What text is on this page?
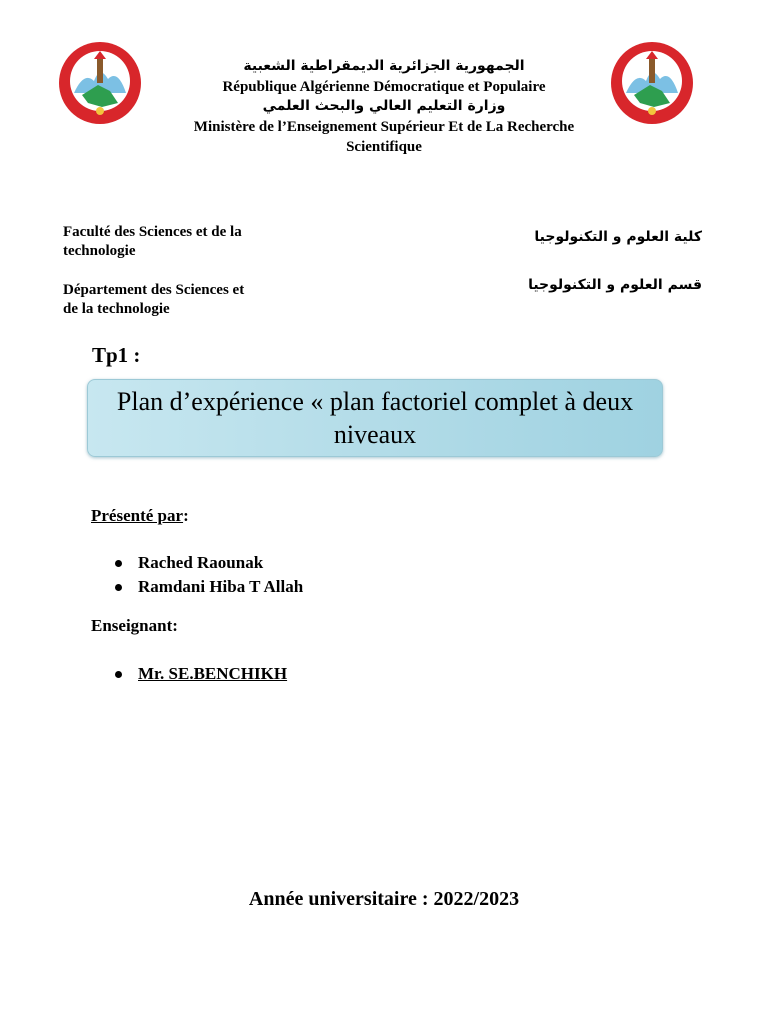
الجمهورية الجزائرية الديمقراطية الشعبية
République Algérienne Démocratique et Populaire
وزارة التعليم العالي والبحث العلمي
Ministère de l’Enseignement Supérieur Et de La Recherche
Scientifique
Faculté des Sciences et de la
technologie
كلية العلوم و التكنولوجيا
Département des Sciences et
de la technologie
قسم العلوم و التكنولوجيا
Tp1 :
Plan d’expérience « plan factoriel complet à deux
niveaux
Présenté par:
Rached Raounak
Ramdani Hiba T Allah
Enseignant:
Mr. SE.BENCHIKH
Année universitaire : 2022/2023
